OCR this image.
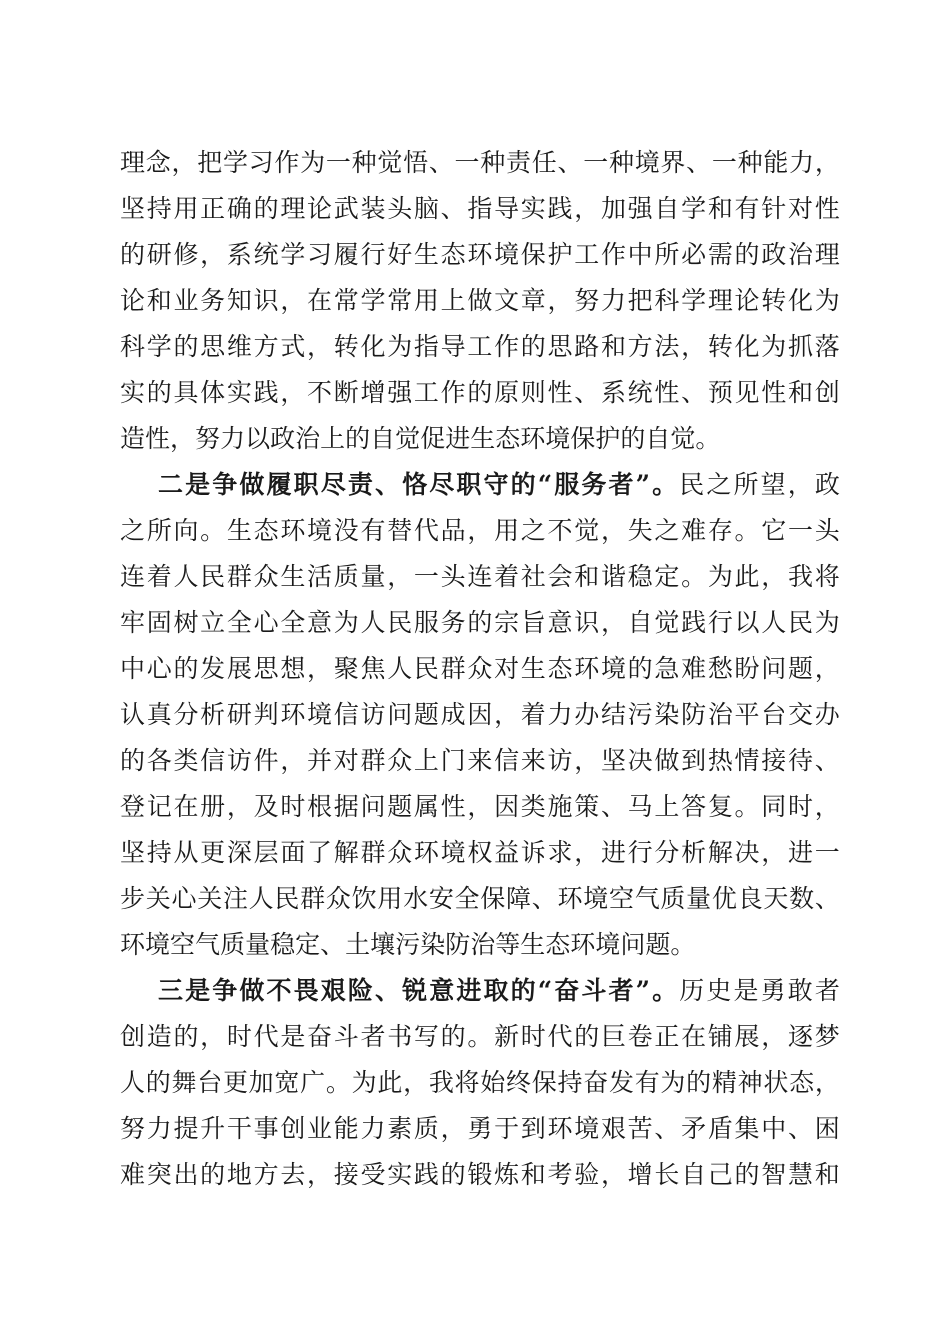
理 念 ， 把 学 习 作 为 一 种 觉 悟 、 一 种 责 任 、 一 种 境 界 、 一 种 能 力 ，
坚 持 用 正 确 的 理 论 武 装 头 脑 、 指 导 实 践 ， 加 强 自 学 和 有 针 对 性
的 研 修 ， 系 统 学 习 履 行 好 生 态 环 境 保 护 工 作 中 所 必 需 的 政 治 理
论 和 业 务 知 识 ， 在 常 学 常 用 上 做 文 章 ， 努 力 把 科 学 理 论 转 化 为
科 学 的 思 维 方 式 ， 转 化 为 指 导 工 作 的 思 路 和 方 法 ， 转 化 为 抓 落
实 的 具 体 实 践 ， 不 断 增 强 工 作 的 原 则 性 、 系 统 性 、 预 见 性 和 创
造 性 ， 努 力 以 政 治 上 的 自 觉 促 进 生 态 环 境 保 护 的 自 觉 。
二 是 争 做 履 职 尽 责 、 恪 尽 职 守 的 “ 服 务 者 ” 。 民 之 所 望 ， 政
之 所 向 。 生 态 环 境 没 有 替 代 品 ， 用 之 不 觉 ， 失 之 难 存 。 它 一 头
连 着 人 民 群 众 生 活 质 量 ， 一 头 连 着 社 会 和 谐 稳 定 。 为 此 ， 我 将
牢 固 树 立 全 心 全 意 为 人 民 服 务 的 宗 旨 意 识 ， 自 觉 践 行 以 人 民 为
中 心 的 发 展 思 想 ， 聚 焦 人 民 群 众 对 生 态 环 境 的 急 难 愁 盼 问 题 ，
认 真 分 析 研 判 环 境 信 访 问 题 成 因 ， 着 力 办 结 污 染 防 治 平 台 交 办
的 各 类 信 访 件 ， 并 对 群 众 上 门 来 信 来 访 ， 坚 决 做 到 热 情 接 待 、
登 记 在 册 ， 及 时 根 据 问 题 属 性 ， 因 类 施 策 、 马 上 答 复 。 同 时 ，
坚 持 从 更 深 层 面 了 解 群 众 环 境 权 益 诉 求 ， 进 行 分 析 解 决 ， 进 一
步 关 心 关 注 人 民 群 众 饮 用 水 安 全 保 障 、 环 境 空 气 质 量 优 良 天 数 、
环 境 空 气 质 量 稳 定 、 土 壤 污 染 防 治 等 生 态 环 境 问 题 。
三 是 争 做 不 畏 艰 险 、 锐 意 进 取 的 “ 奋 斗 者 ” 。 历 史 是 勇 敢 者
创 造 的 ， 时 代 是 奋 斗 者 书 写 的 。 新 时 代 的 巨 卷 正 在 铺 展 ， 逐 梦
人 的 舞 台 更 加 宽 广 。 为 此 ， 我 将 始 终 保 持 奋 发 有 为 的 精 神 状 态 ，
努 力 提 升 干 事 创 业 能 力 素 质 ， 勇 于 到 环 境 艰 苦 、 矛 盾 集 中 、 困
难 突 出 的 地 方 去 ， 接 受 实 践 的 锻 炼 和 考 验 ， 增 长 自 己 的 智 慧 和
